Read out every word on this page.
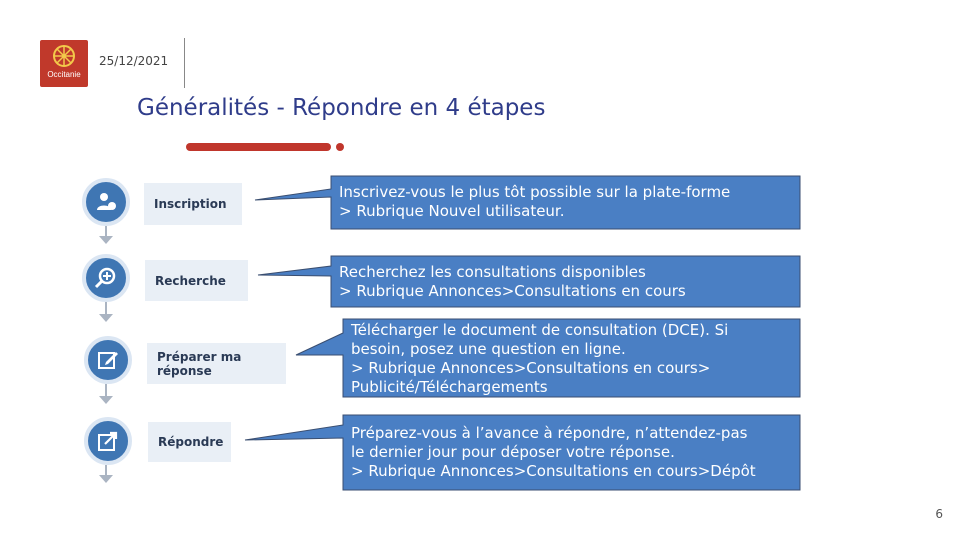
Occitanie
25/12/2021
Généralités - Répondre en 4 étapes
Inscription
Recherche
Préparer ma réponse
Répondre
Inscrivez-vous le plus tôt possible sur la plate-forme
> Rubrique Nouvel utilisateur.
Recherchez les consultations disponibles
> Rubrique Annonces>Consultations en cours
Télécharger le document de consultation (DCE). Si
besoin, posez une question en ligne.
> Rubrique Annonces>Consultations en cours>
Publicité/Téléchargements
Préparez-vous à l’avance à répondre, n’attendez-pas
le dernier jour pour déposer votre réponse.
> Rubrique Annonces>Consultations en cours>Dépôt
6
